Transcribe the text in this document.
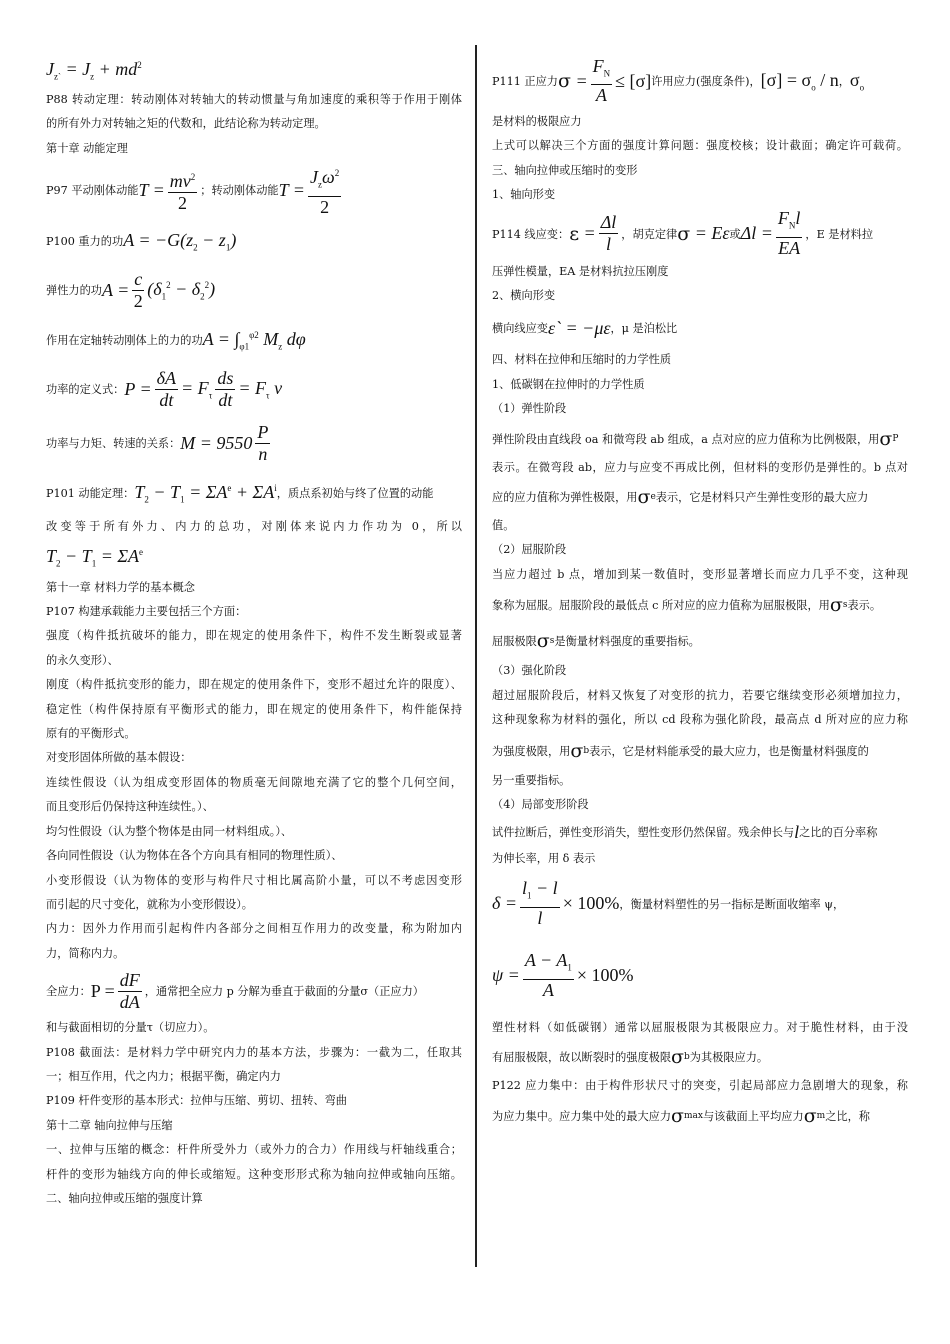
$J_{z`} = J_z + md^2$
P88 转动定理：转动刚体对转轴大的转动惯量与角加速度的乘积等于作用于刚体
的所有外力对转轴之矩的代数和，此结论称为转动定理。
第十章 动能定理
P97 平动刚体动能 $T = \frac{mv^2}{2}$ ；转动刚体动能 $T = \frac{J_z\omega^2}{2}$
P100 重力的功 $A = -G(z_2 - z_1)$
弹性力的功 $A = \frac{c}{2} (\delta_1^2 - \delta_2^2)$
作用在定轴转动刚体上的力的功 $A = \int_{\varphi 1}^{\varphi 2}$ $M_z$ dφ
功率的定义式： $P = \frac{\delta A}{dt} = F_\tau \frac{ds}{dt} = F_\tau$ v
功率与力矩、转速的关系： $M = 9550 \frac{P}{n}$
P101 动能定理： $T_2 - T_1 = \Sigma A^e + \Sigma A^i$ ，质点系初始与终了位置的动能
改变等于所有外力、内力的总功，对刚体来说内力作功为 0，所以
$T_2 - T_1 = \Sigma A^e$
第十一章 材料力学的基本概念
P107 构建承载能力主要包括三个方面：
强度（构件抵抗破坏的能力，即在规定的使用条件下，构件不发生断裂或显著
的永久变形）、
刚度（构件抵抗变形的能力，即在规定的使用条件下，变形不超过允许的限度）、
稳定性（构件保持原有平衡形式的能力，即在规定的使用条件下，构件能保持
原有的平衡形式。
对变形固体所做的基本假设：
连续性假设（认为组成变形固体的物质毫无间隙地充满了它的整个几何空间，
而且变形后仍保持这种连续性。）、
均匀性假设（认为整个物体是由同一材料组成。）、
各向同性假设（认为物体在各个方向具有相同的物理性质）、
小变形假设（认为物体的变形与构件尺寸相比属高阶小量，可以不考虑因变形
而引起的尺寸变化，就称为小变形假设）。
内力：因外力作用而引起构件内各部分之间相互作用力的改变量，称为附加内
力，简称内力。
全应力： $P = \frac{dF}{dA}$ ，通常把全应力 p 分解为垂直于截面的分量σ（正应力）
和与截面相切的分量τ（切应力）。
P108 截面法：是材料力学中研究内力的基本方法，步骤为：一截为二，任取其
一；相互作用，代之内力；根据平衡，确定内力
P109 杆件变形的基本形式：拉伸与压缩、剪切、扭转、弯曲
第十二章 轴向拉伸与压缩
一、拉伸与压缩的概念：杆件所受外力（或外力的合力）作用线与杆轴线重合；
杆件的变形为轴线方向的伸长或缩短。这种变形形式称为轴向拉伸或轴向压缩。
二、轴向拉伸或压缩的强度计算
P111 正应力 $\sigma = \frac{F_N}{A} \le [\sigma]$ 许用应力(强度条件)， $[\sigma] = \sigma_o / n$ ， $\sigma_o$
是材料的极限应力
上式可以解决三个方面的强度计算问题：强度校核；设计截面；确定许可载荷。
三、轴向拉伸或压缩时的变形
1、轴向形变
P114 线应变： $\varepsilon = \frac{\Delta l}{l}$ ，胡克定律 σ = Eε 或 $\Delta l = \frac{F_Nl}{EA}$ ，E 是材料拉
压弹性模量，EA 是材料抗拉压刚度
2、横向形变
横向线应变 ε` = −με ，μ 是泊松比
四、材料在拉伸和压缩时的力学性质
1、低碳钢在拉伸时的力学性质
（1）弹性阶段
弹性阶段由直线段 oa 和微弯段 ab 组成，a 点对应的应力值称为比例极限，用 σ P
表示。在微弯段 ab，应力与应变不再成比例，但材料的变形仍是弹性的。b 点对
应的应力值称为弹性极限，用 σ e 表示，它是材料只产生弹性变形的最大应力
值。
（2）屈服阶段
当应力超过 b 点，增加到某一数值时，变形显著增长而应力几乎不变，这种现
象称为屈服。屈服阶段的最低点 c 所对应的应力值称为屈服极限，用 σ s 表示。
屈服极限 σ s 是衡量材料强度的重要指标。
（3）强化阶段
超过屈服阶段后，材料又恢复了对变形的抗力，若要它继续变形必须增加拉力，
这种现象称为材料的强化，所以 cd 段称为强化阶段，最高点 d 所对应的应力称
为强度极限，用 σ b 表示，它是材料能承受的最大应力，也是衡量材料强度的
另一重要指标。
（4）局部变形阶段
试件拉断后，弹性变形消失，塑性变形仍然保留。残余伸长与 l 之比的百分率称
为伸长率，用 δ 表示
$\delta = \frac{l_1 - l}{l} \times 100\%$ ，衡量材料塑性的另一指标是断面收缩率 ψ，
$\psi = \frac{A - A_1}{A} \times 100\%$
塑性材料（如低碳钢）通常以屈服极限为其极限应力。对于脆性材料，由于没
有屈服极限，故以断裂时的强度极限 σ b 为其极限应力。
P122 应力集中：由于构件形状尺寸的突变，引起局部应力急剧增大的现象，称
为应力集中。应力集中处的最大应力 σ max 与该截面上平均应力 σ m 之比，称
